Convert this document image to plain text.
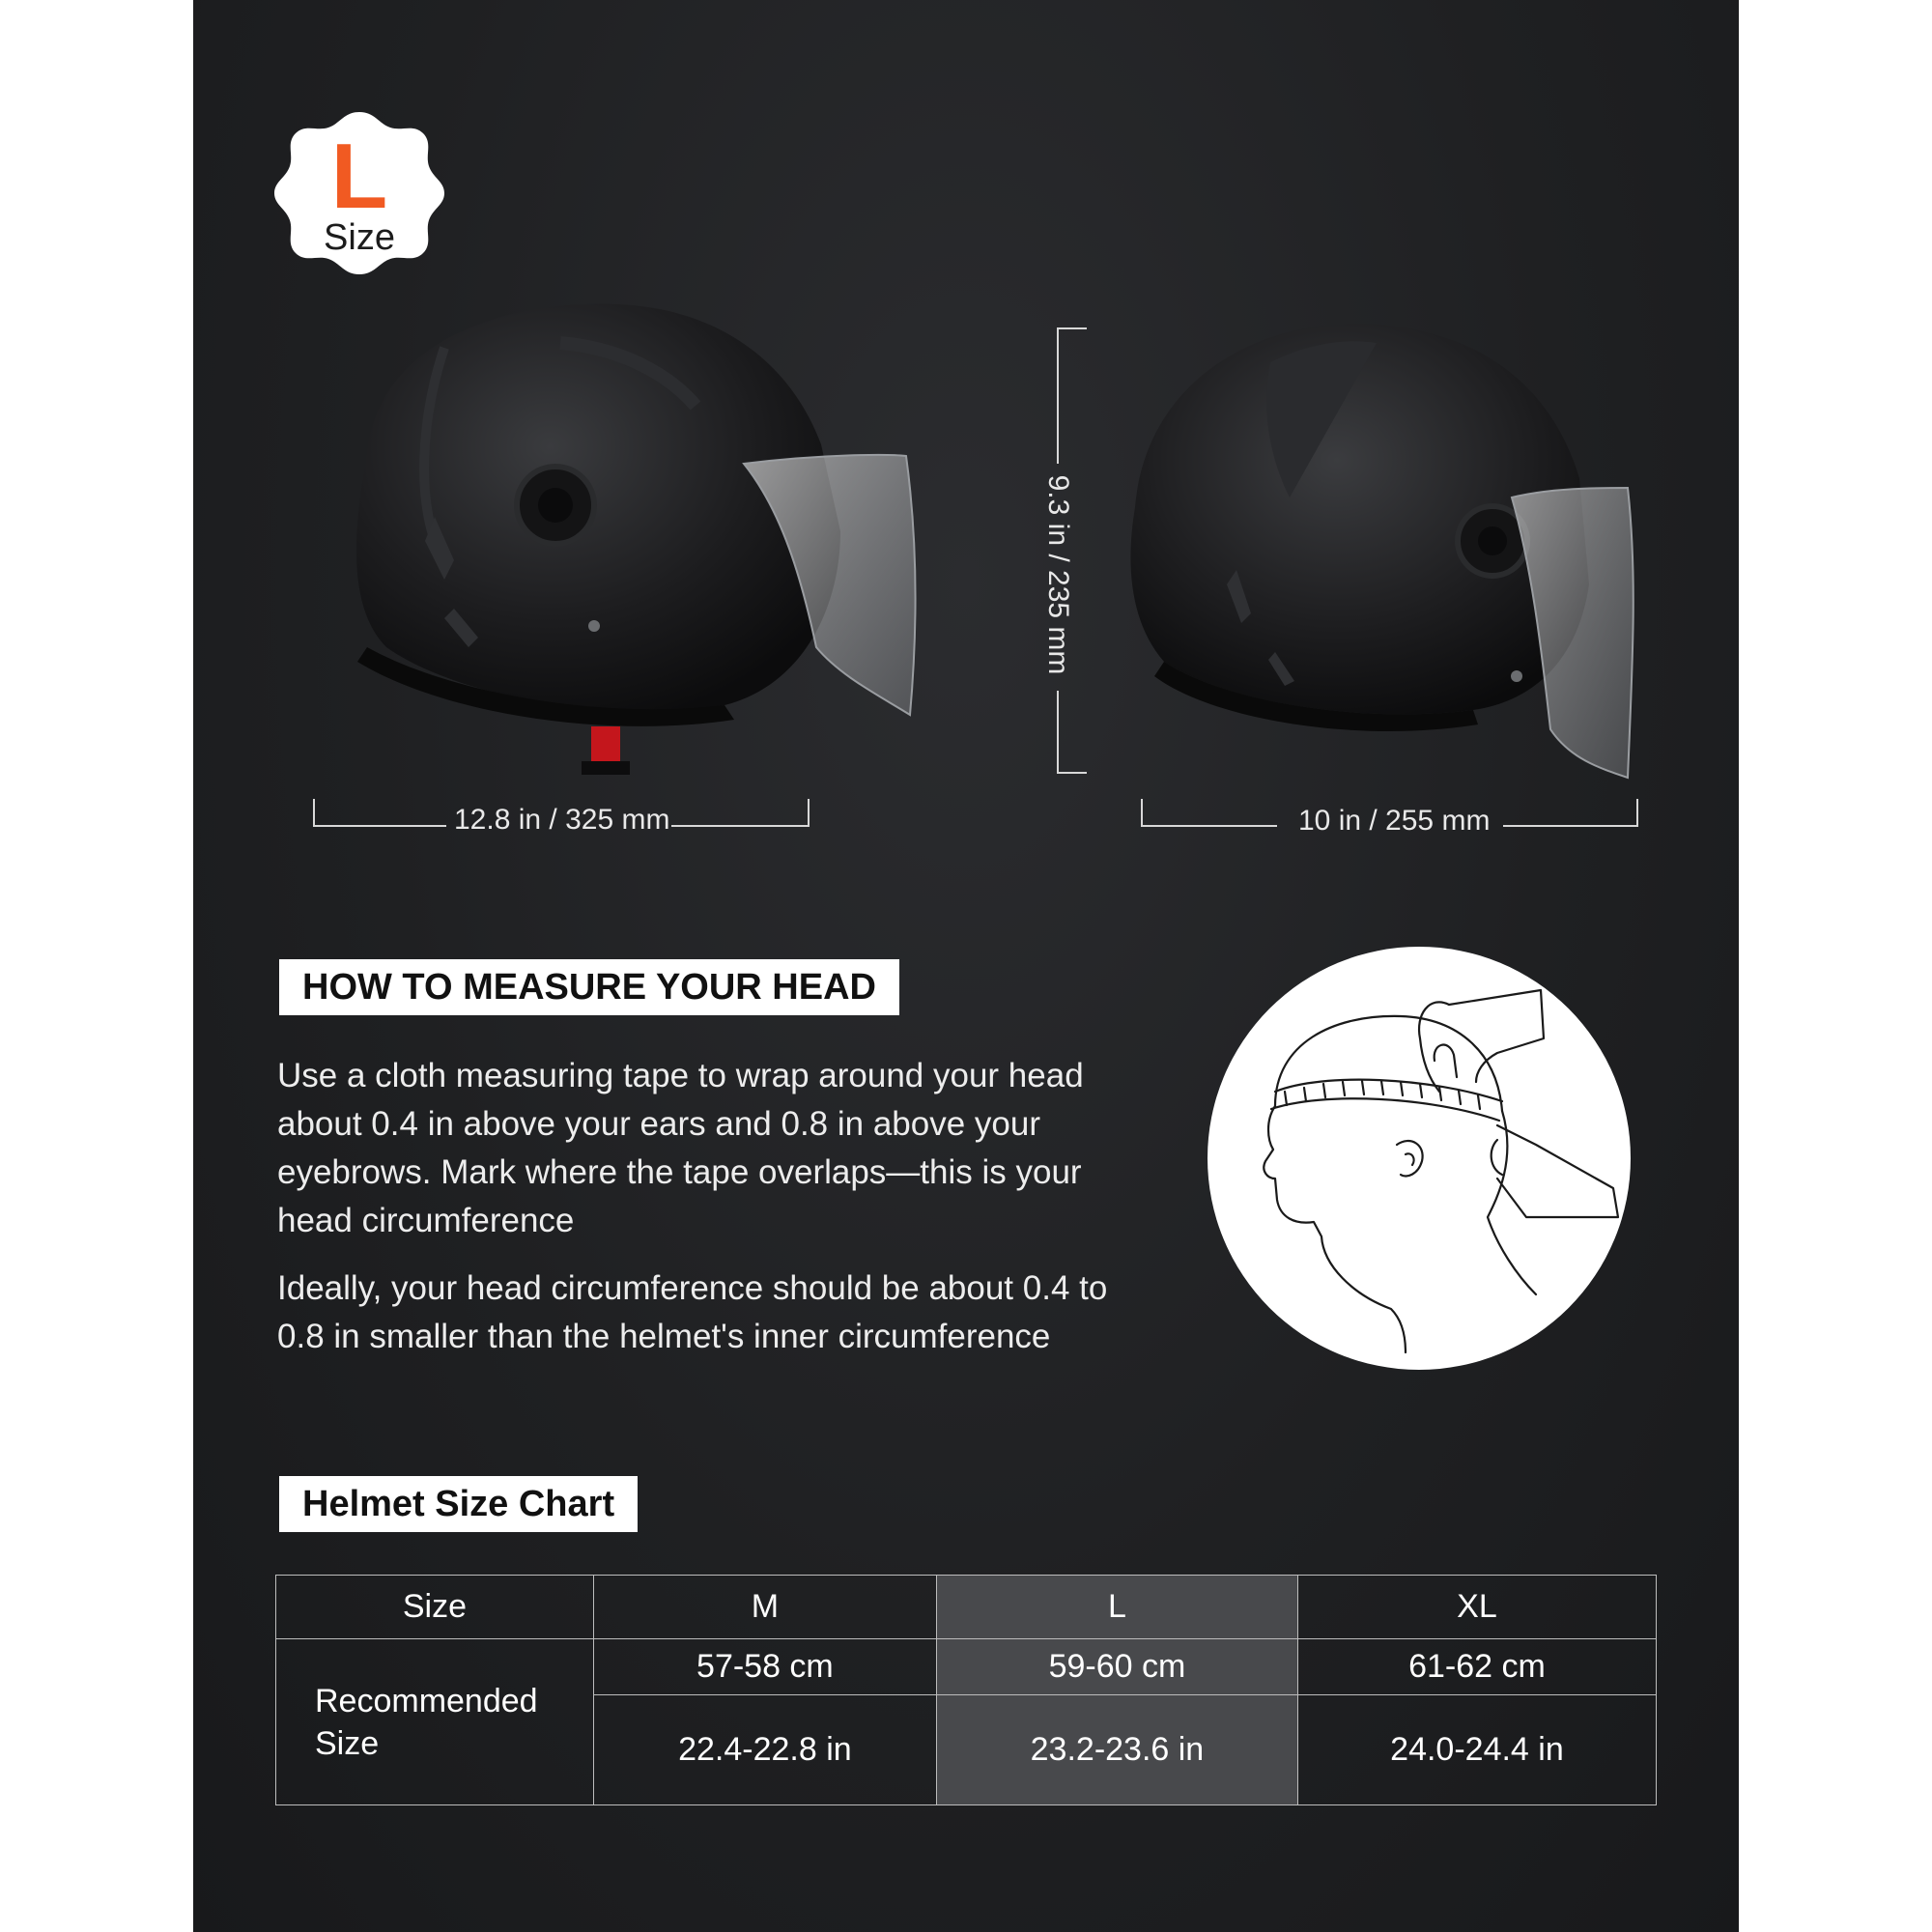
L
Size
12.8 in / 325 mm
9.3 in / 235 mm
10 in / 255 mm
HOW TO MEASURE YOUR HEAD

Use a cloth measuring tape to wrap around your head about 0.4 in above your ears and 0.8 in above your eyebrows. Mark where the tape overlaps—this is your head circumference

Ideally, your head circumference should be about 0.4 to 0.8 in smaller than the helmet's inner circumference

Helmet Size Chart
Size	M	L	XL
Recommended Size	57-58 cm	59-60 cm	61-62 cm
	22.4-22.8 in	23.2-23.6 in	24.0-24.4 in
